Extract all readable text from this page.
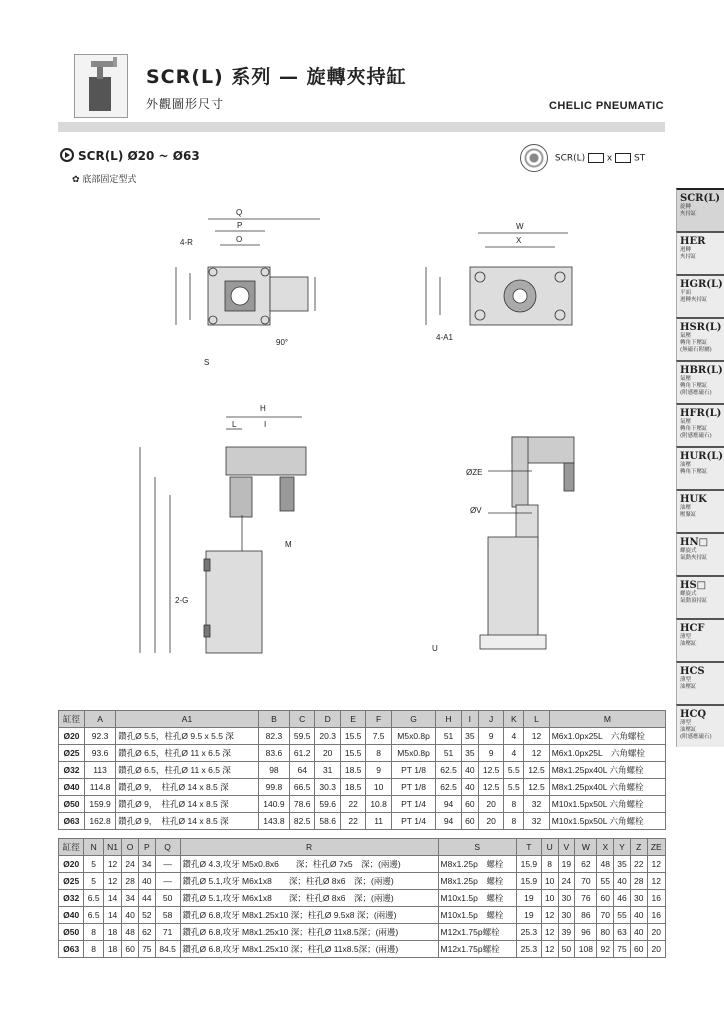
SCR(L) 系列 — 旋轉夾持缸
外觀圖形尺寸	CHELIC PNEUMATIC
SCR(L) Ø20 ~ Ø63
✿ 底部固定型式
SCR(L) x ST
Q
P
O
4-R
S
90°
W
X
4-A1
H
L	I
M
2-G
ØZE
ØV
U
SCR(L)
旋轉
夾持缸
HER
迴轉
夾持缸
HGR(L)
平面
迴轉夾持缸
HSR(L)
氣壓
轉角下壓缸
(無磁石附屬)
HBR(L)
氣壓
轉角下壓缸
(附感應磁石)
HFR(L)
氣壓
轉角下壓缸
(附感應磁石)
HUR(L)
油壓
轉角下壓缸
HUK
油壓
壓緊缸
HN□
螺旋式
氣動夾持缸
HS□
螺旋式
氣動頂持缸
HCF
薄型
油壓缸
HCS
薄型
油壓缸
HCQ
薄型
油壓缸
(附感應磁石)
缸徑	A	A1	B	C	D	E	F	G	H	I	J	K	L	M
Ø20	92.3	鑽孔Ø 5.5，柱孔Ø 9.5 x 5.5 深	82.3	59.5	20.3	15.5	7.5	M5x0.8p	51	35	9	4	12	M6x1.0px25L　六角螺栓
Ø25	93.6	鑽孔Ø 6.5，柱孔Ø 11 x 6.5 深	83.6	61.2	20	15.5	8	M5x0.8p	51	35	9	4	12	M6x1.0px25L　六角螺栓
Ø32	113	鑽孔Ø 6.5，柱孔Ø 11 x 6.5 深	98	64	31	18.5	9	PT 1/8	62.5	40	12.5	5.5	12.5	M8x1.25px40L 六角螺栓
Ø40	114.8	鑽孔Ø 9，　柱孔Ø 14 x 8.5 深	99.8	66.5	30.3	18.5	10	PT 1/8	62.5	40	12.5	5.5	12.5	M8x1.25px40L 六角螺栓
Ø50	159.9	鑽孔Ø 9，　柱孔Ø 14 x 8.5 深	140.9	78.6	59.6	22	10.8	PT 1/4	94	60	20	8	32	M10x1.5px50L 六角螺栓
Ø63	162.8	鑽孔Ø 9，　柱孔Ø 14 x 8.5 深	143.8	82.5	58.6	22	11	PT 1/4	94	60	20	8	32	M10x1.5px50L 六角螺栓
缸徑	N	N1	O	P	Q	R	S	T	U	V	W	X	Y	Z	ZE
Ø20	5	12	24	34	—	鑽孔Ø 4.3,攻牙 M5x0.8x6　　深；柱孔Ø 7x5　深；(兩邊)	M8x1.25p　螺栓	15.9	8	19	62	48	35	22	12
Ø25	5	12	28	40	—	鑽孔Ø 5.1,攻牙 M6x1x8　　深；柱孔Ø 8x6　深；(兩邊)	M8x1.25p　螺栓	15.9	10	24	70	55	40	28	12
Ø32	6.5	14	34	44	50	鑽孔Ø 5.1,攻牙 M6x1x8　　深；柱孔Ø 8x6　深；(兩邊)	M10x1.5p　螺栓	19	10	30	76	60	46	30	16
Ø40	6.5	14	40	52	58	鑽孔Ø 6.8,攻牙 M8x1.25x10 深；柱孔Ø 9.5x8 深；(兩邊)	M10x1.5p　螺栓	19	12	30	86	70	55	40	16
Ø50	8	18	48	62	71	鑽孔Ø 6.8,攻牙 M8x1.25x10 深；柱孔Ø 11x8.5深；(兩邊)	M12x1.75p螺栓	25.3	12	39	96	80	63	40	20
Ø63	8	18	60	75	84.5	鑽孔Ø 6.8,攻牙 M8x1.25x10 深；柱孔Ø 11x8.5深；(兩邊)	M12x1.75p螺栓	25.3	12	50	108	92	75	60	20
